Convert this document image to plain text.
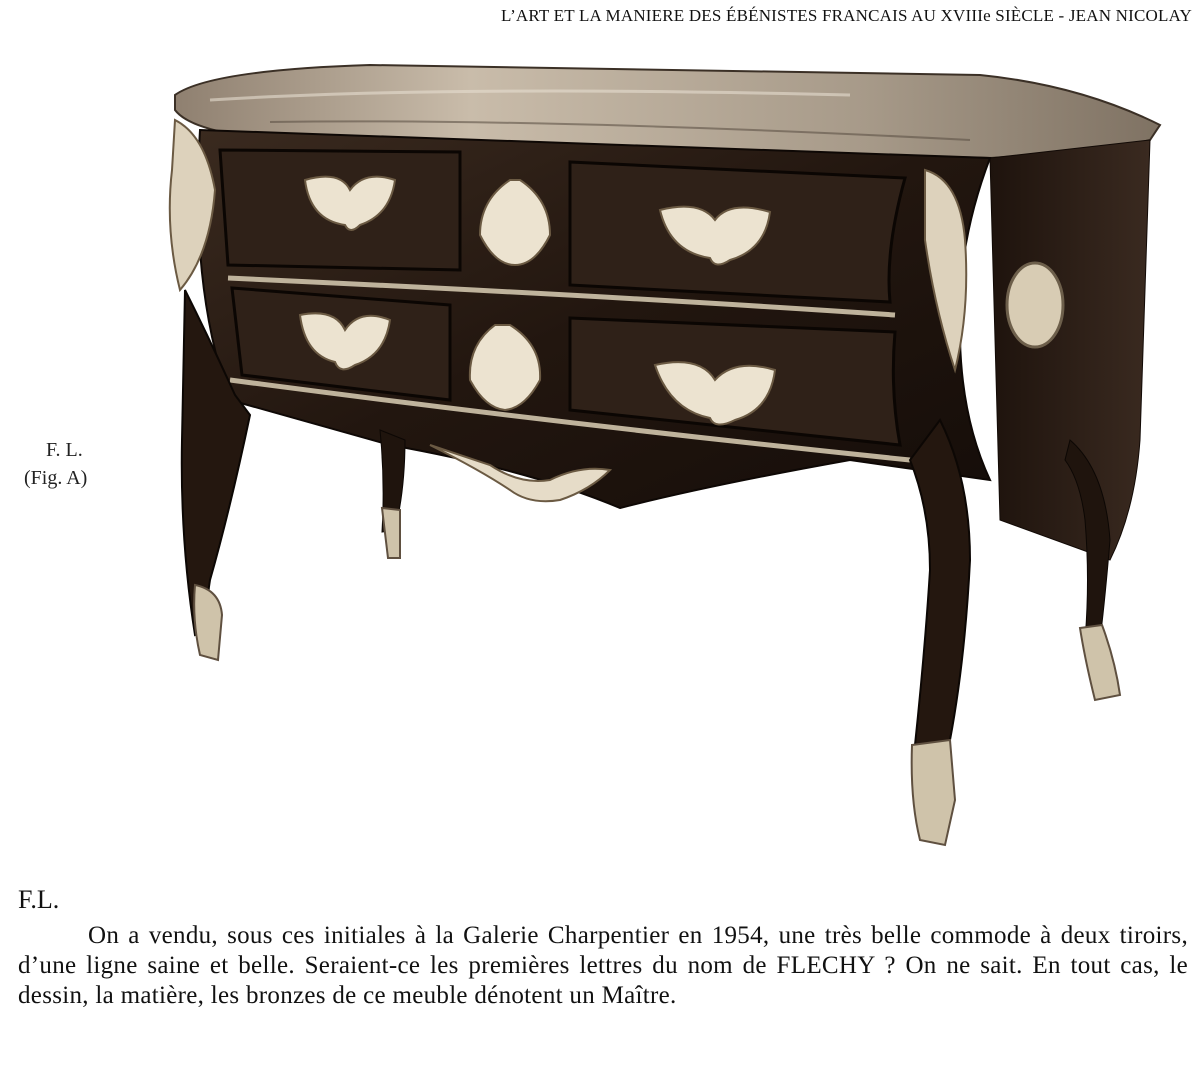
L’ART ET LA MANIERE DES ÉBÉNISTES FRANCAIS AU XVIIIe SIÈCLE - JEAN NICOLAY
F. L.
(Fig. A)
F.L.

On a vendu, sous ces initiales à la Galerie Charpentier en 1954, une très belle commode à deux tiroirs, d’une ligne saine et belle. Seraient-ce les premières lettres du nom de FLECHY ? On ne sait. En tout cas, le dessin, la matière, les bronzes de ce meuble dénotent un Maître.
